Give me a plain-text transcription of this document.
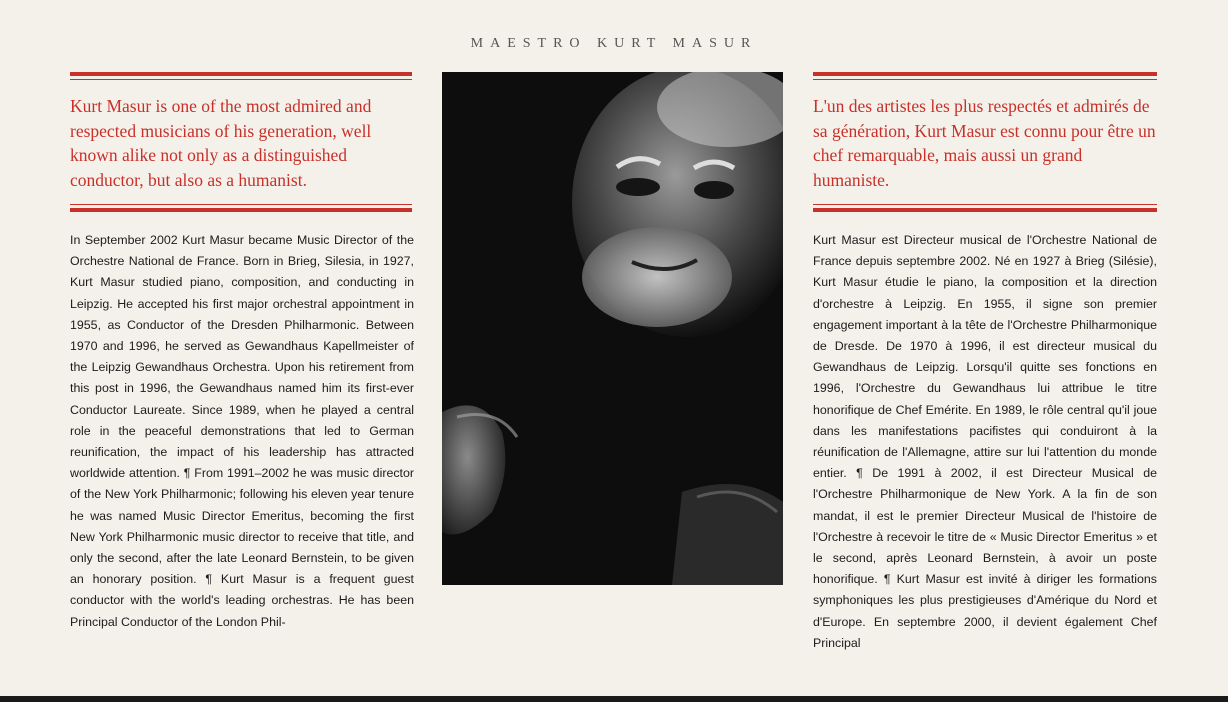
MAESTRO KURT MASUR
Kurt Masur is one of the most admired and respected musicians of his generation, well known alike not only as a distinguished conductor, but also as a humanist.
In September 2002 Kurt Masur became Music Director of the Orchestre National de France. Born in Brieg, Silesia, in 1927, Kurt Masur studied piano, composition, and conducting in Leipzig. He accepted his first major orchestral appointment in 1955, as Conductor of the Dresden Philharmonic. Between 1970 and 1996, he served as Gewandhaus Kapellmeister of the Leipzig Gewandhaus Orchestra. Upon his retirement from this post in 1996, the Gewandhaus named him its first-ever Conductor Laureate. Since 1989, when he played a central role in the peaceful demonstrations that led to German reunification, the impact of his leadership has attracted worldwide attention. ¶ From 1991–2002 he was music director of the New York Philharmonic; following his eleven year tenure he was named Music Director Emeritus, becoming the first New York Philharmonic music director to receive that title, and only the second, after the late Leonard Bernstein, to be given an honorary position. ¶ Kurt Masur is a frequent guest conductor with the world's leading orchestras. He has been Principal Conductor of the London Phil-
L'un des artistes les plus respectés et admirés de sa génération, Kurt Masur est connu pour être un chef remarquable, mais aussi un grand humaniste.
Kurt Masur est Directeur musical de l'Orchestre National de France depuis septembre 2002. Né en 1927 à Brieg (Silésie), Kurt Masur étudie le piano, la composition et la direction d'orchestre à Leipzig. En 1955, il signe son premier engagement important à la tête de l'Orchestre Philharmonique de Dresde. De 1970 à 1996, il est directeur musical du Gewandhaus de Leipzig. Lorsqu'il quitte ses fonctions en 1996, l'Orchestre du Gewandhaus lui attribue le titre honorifique de Chef Emérite. En 1989, le rôle central qu'il joue dans les manifestations pacifistes qui conduiront à la réunification de l'Allemagne, attire sur lui l'attention du monde entier. ¶ De 1991 à 2002, il est Directeur Musical de l'Orchestre Philharmonique de New York. A la fin de son mandat, il est le premier Directeur Musical de l'histoire de l'Orchestre à recevoir le titre de « Music Director Emeritus » et le second, après Leonard Bernstein, à avoir un poste honorifique. ¶ Kurt Masur est invité à diriger les formations symphoniques les plus prestigieuses d'Amérique du Nord et d'Europe. En septembre 2000, il devient également Chef Principal
